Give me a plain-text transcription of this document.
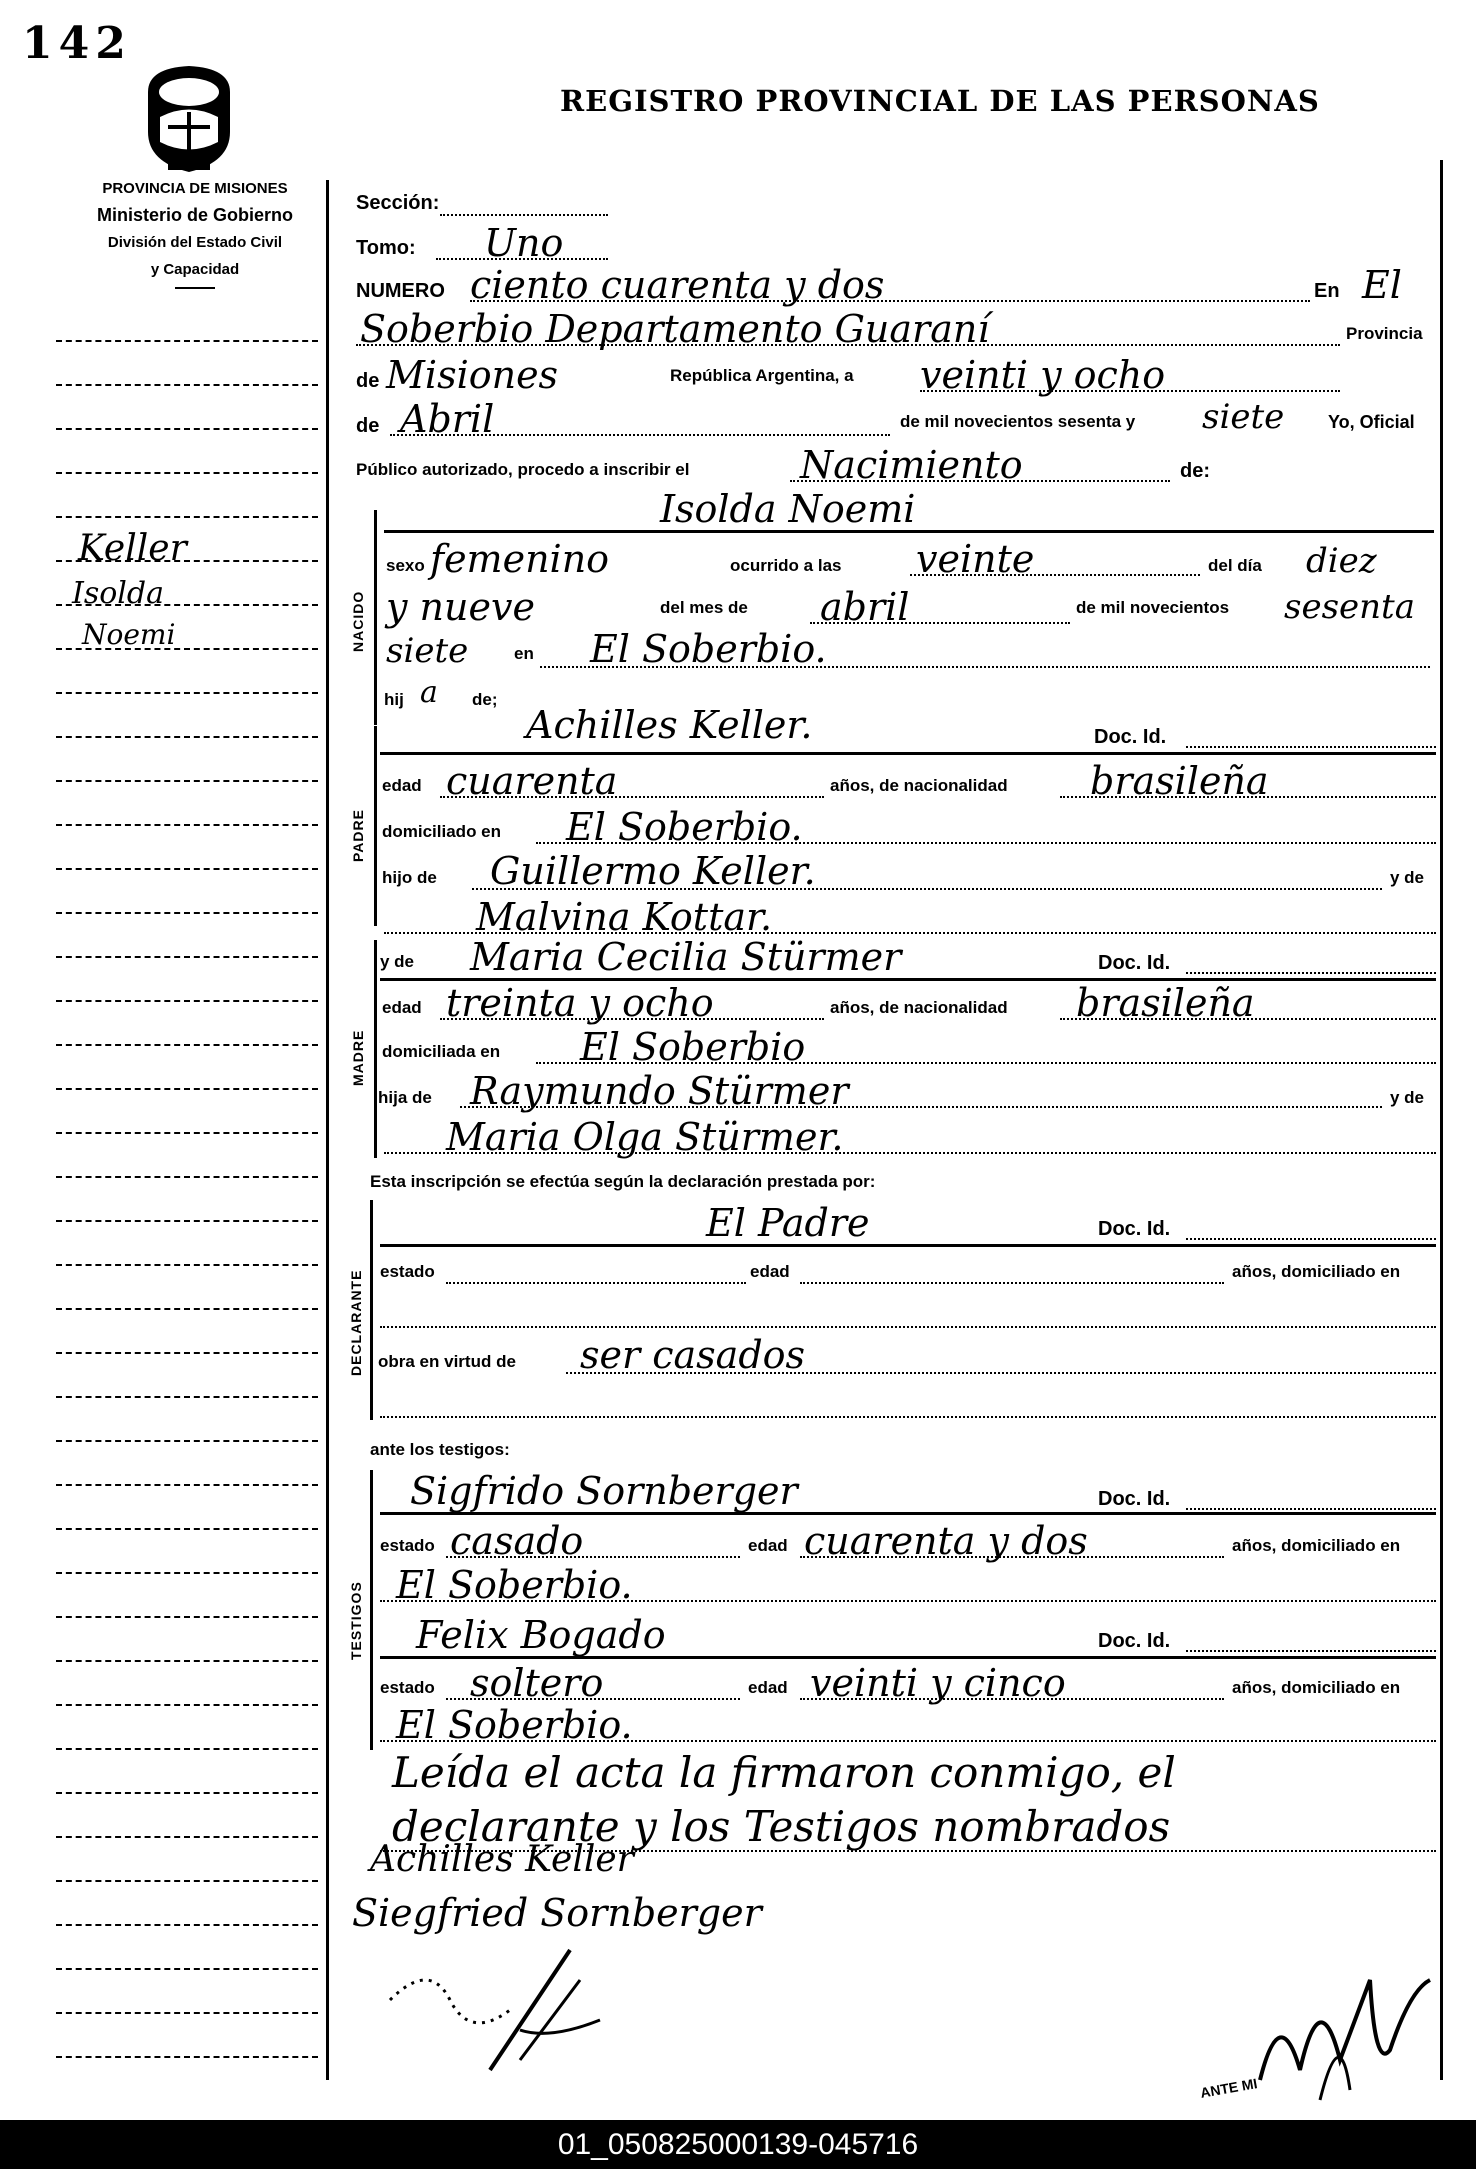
142
REGISTRO PROVINCIAL DE LAS PERSONAS
PROVINCIA DE MISIONES
Ministerio de Gobierno
División del Estado Civil
y Capacidad
Keller
Isolda
Noemi
Sección:
Tomo: Uno
NUMERO ciento cuarenta y dos	En El
Soberbio Departamento Guaraní	Provincia
de Misiones	República Argentina, a veinti y ocho
de Abril	de mil novecientos sesenta y siete Yo, Oficial
Público autorizado, procedo a inscribir el	Nacimiento	de:
Isolda Noemi
NACIDO
sexo femenino	ocurrido a las veinte	del día diez
y nueve	del mes de abril	de mil novecientos sesenta
siete	en El Soberbio.
hij a de;
PADRE
Achilles Keller.	Doc. Id.
edad cuarenta	años, de nacionalidad brasileña
domiciliado en El Soberbio.
hijo de Guillermo Keller.	y de
Malvina Kottar.
MADRE
y de Maria Cecilia Stürmer	Doc. Id.
edad treinta y ocho	años, de nacionalidad brasileña
domiciliada en El Soberbio
hija de Raymundo Stürmer	y de
Maria Olga Stürmer.
Esta inscripción se efectúa según la declaración prestada por:
DECLARANTE
El Padre	Doc. Id.
estado	edad	años, domiciliado en
obra en virtud de ser casados
ante los testigos:
TESTIGOS
Sigfrido Sornberger	Doc. Id.
estado casado	edad cuarenta y dos	años, domiciliado en
El Soberbio.
Felix Bogado	Doc. Id.
estado soltero	edad veinti y cinco	años, domiciliado en
El Soberbio.
Leída el acta la firmaron conmigo, el
declarante y los Testigos nombrados
Achilles Keller
Siegfried Sornberger
ANTE MI
01_050825000139-045716
